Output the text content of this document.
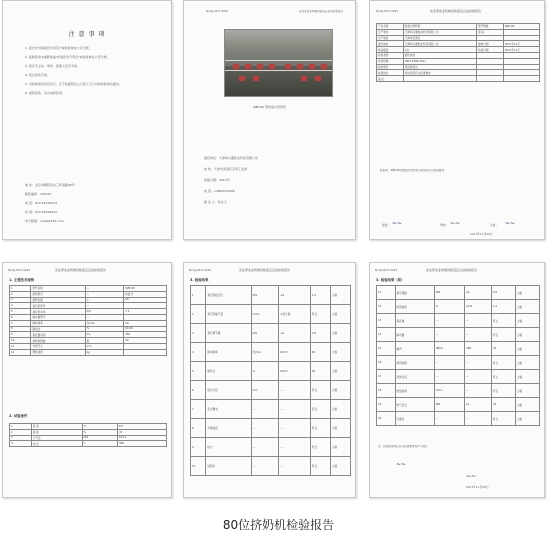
注 意 事 项
1. 报告无"检验报告专用章"或检验单位公章无效。
2. 复制报告未重新加盖"检验报告专用章"或检验单位公章无效。
3. 报告无主检、审核、批准人签字无效。
4. 报告涂改无效。
5. 对检验报告若有异议，应于收到报告之日起十五日内向检验单位提出。
6. 委托检验，仅对来样负责。
地 址：北京市朝阳区东三环南路96号
邮政编码：100122
电 话：010-59199033
传 真：010-59199022
电子邮箱：nmjd@163.com
No.QJ-2017 0293	农业部农业机械试验鉴定总站检验报告
9JBY-80 型转盘式挤奶机
委托单位：天津和兴通牧业科技有限公司
地 址：天津市武清区京滨工业园
检验日期：2017年
电 话：13802070000
联 系 人：杨女士
No.QJ-2017 0293	农业部农业机械试验鉴定总站检验报告
产品名称	转盘式挤奶机	型号规格	9JBY-80
生产单位	天津和兴通牧业科技有限公司	商 标	
生产地址	天津市武清区		
委托单位	天津和兴通牧业科技有限公司	抽样日期	2017年11月
样品数量	1台	检验日期	2017年11月
检验类别	委托检验		
检验依据	GB/T 8186-2011		
检验项目	见检验报告		
检验结论	所检项目符合标准要求		
备 注			
经检验，9JBY-80型转盘式挤奶机所检项目符合标准要求。
批准：	审核：	主检：
2017年11月20日
~~	~~	~~
No.QJ-2017 0293	农业部农业机械试验鉴定总站检验报告
1. 主要技术规格
1	型号名称	—	9JBY-80
2	结构型式	—	转盘式
3	挤奶位数	个	80
4	真空泵型号	—	
5	真空泵功率	kW	7.5
6	脉动器型号	—	
7	脉动频率	次/min	60
8	脉动比	%	60:40
9	集乳器容积	mL	350
10	挤奶杯组数	组	80
11	外形尺寸	mm	
12	整机质量	kg	
2. 试验条件
1	温 度	℃	8.5
2	湿 度	%	45
3	大气压	kPa	101.1
4	电 压	V	380
No.QJ-2017 0293	农业部农业机械试验鉴定总站检验报告
3. 检验结果
1	真空度稳定性	kPa	≤2	1.0	合格
2	真空泵抽气量	L/min	≥设计值	符合	合格
3	真空调节器	kPa	≤2	0.8	合格
4	脉动频率	次/min	60±3	60	合格
5	脉动比	%	60±5	60	合格
6	奶衬口径	mm	—	符合	合格
7	安全要求	—	—	符合	合格
8	外观质量	—	—	符合	合格
9	标志	—	—	符合	合格
10	说明书	—	—	符合	合格
No.QJ-2017 0293	农业部农业机械试验鉴定总站检验报告
3. 检验结果（续）
11	真空管路	kPa	≤2	0.6	合格
12	奶管坡度	%	≥0.8	1.0	合格
13	集乳器	—	—	符合	合格
14	脉动器	—	—	符合	合格
15	噪声	dB(A)	≤80	76	合格
16	挤奶杯组	—	—	符合	合格
17	清洗系统	—	—	符合	合格
18	转盘转速	r/min	—	符合	合格
19	电气安全	MΩ	≥1	50	合格
20	可靠性	—	—	符合	合格
注：检验结果判定符合标准要求的为"合格"。
~~
~~
2017年11月20日
80位挤奶机检验报告
